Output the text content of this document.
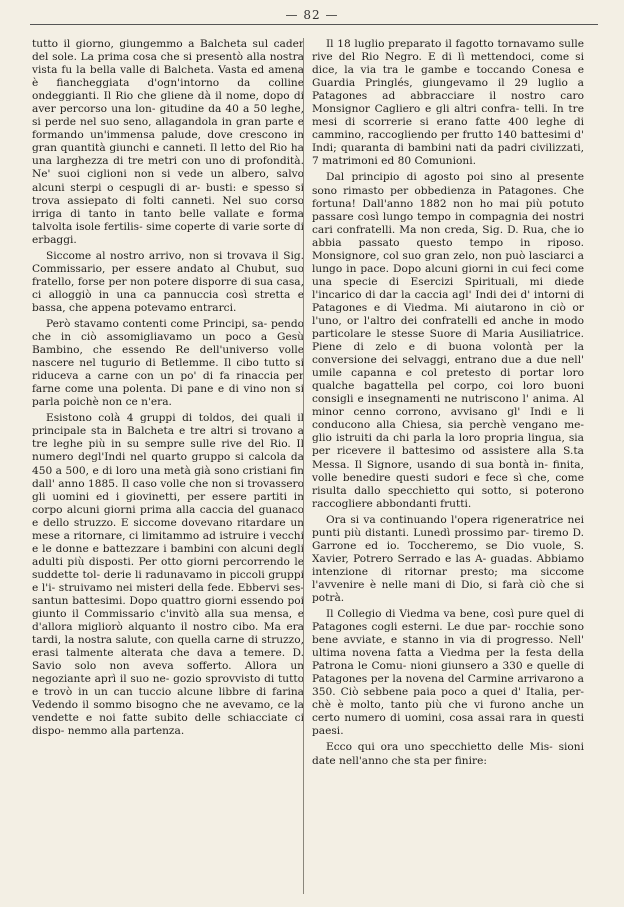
— 82 —

tutto il giorno, giungemmo a Balcheta sul cader del sole. La prima cosa che si presentò alla nostra vista fu la bella valle di Balcheta. Vasta ed amena è fiancheggiata d'ogn'intorno da colline ondeggianti. Il Rio che gliene dà il nome, dopo di aver percorso una lon- gitudine da 40 a 50 leghe, si perde nel suo seno, allagandola in gran parte e formando un'immensa palude, dove crescono in gran quantità giunchi e canneti. Il letto del Rio ha una larghezza di tre metri con uno di profondità. Ne' suoi ciglioni non si vede un albero, salvo alcuni sterpi o cespugli di ar- busti: e spesso si trova assiepato di folti canneti. Nel suo corso irriga di tanto in tanto belle vallate e forma talvolta isole fertilis- sime coperte di varie sorte di erbaggi.

Siccome al nostro arrivo, non si trovava il Sig. Commissario, per essere andato al Chubut, suo fratello, forse per non potere disporre di sua casa, ci alloggiò in una ca pannuccia così stretta e bassa, che appena potevamo entrarci.

Però stavamo contenti come Principi, sa- pendo che in ciò assomigliavamo un poco a Gesù Bambino, che essendo Re dell'universo volle nascere nel tugurio di Betlemme. Il cibo tutto si riduceva a carne con un po' di fa rinaccia per farne come una polenta. Di pane e di vino non si parla poichè non ce n'era.

Esistono colà 4 gruppi di toldos, dei quali il principale sta in Balcheta e tre altri si trovano a tre leghe più in su sempre sulle rive del Rio. Il numero degl'Indi nel quarto gruppo si calcola da 450 a 500, e di loro una metà già sono cristiani fin dall' anno 1885. Il caso volle che non si trovassero gli uomini ed i giovinetti, per essere partiti in corpo alcuni giorni prima alla caccia del guanaco e dello struzzo. E siccome dovevano ritardare un mese a ritornare, ci limitammo ad istruire i vecchi e le donne e battezzare i bambini con alcuni degli adulti più disposti. Per otto giorni percorrendo le suddette tol- derie li radunavamo in piccoli gruppi e l'i- struivamo nei misteri della fede. Ebbervi ses- santun battesimi. Dopo quattro giorni essendo poi giunto il Commissario c'invitò alla sua mensa, e d'allora migliorò alquanto il nostro cibo. Ma era tardi, la nostra salute, con quella carne di struzzo, erasi talmente alterata che dava a temere. D. Savio solo non aveva sofferto. Allora un negoziante aprì il suo ne- gozio sprovvisto di tutto e trovò in un can tuccio alcune libbre di farina Vedendo il sommo bisogno che ne avevamo, ce la vendette e noi fatte subito delle schiacciate ci dispo- nemmo alla partenza.

Il 18 luglio preparato il fagotto tornavamo sulle rive del Rio Negro. E di lì mettendoci, come si dice, la via tra le gambe e toccando Conesa e Guardia Pringlés, giungevamo il 29 luglio a Patagones ad abbracciare il nostro caro Monsignor Cagliero e gli altri confra- telli. In tre mesi di scorrerie si erano fatte 400 leghe di cammino, raccogliendo per frutto 140 battesimi d' Indi; quaranta di bambini nati da padri civilizzati, 7 matrimoni ed 80 Comunioni.

Dal principio di agosto poi sino al presente sono rimasto per obbedienza in Patagones. Che fortuna! Dall'anno 1882 non ho mai più potuto passare così lungo tempo in compagnia dei nostri cari confratelli. Ma non creda, Sig. D. Rua, che io abbia passato questo tempo in riposo. Monsignore, col suo gran zelo, non può lasciarci a lungo in pace. Dopo alcuni giorni in cui feci come una specie di Esercizi Spirituali, mi diede l'incarico di dar la caccia agl' Indi dei d' intorni di Patagones e di Viedma. Mi aiutarono in ciò or l'uno, or l'altro dei confratelli ed anche in modo particolare le stesse Suore di Maria Ausiliatrice. Piene di zelo e di buona volontà per la conversione dei selvaggi, entrano due a due nell' umile capanna e col pretesto di portar loro qualche bagattella pel corpo, coi loro buoni consigli e insegnamenti ne nutriscono l' anima. Al minor cenno corrono, avvisano gl' Indi e li conducono alla Chiesa, sia perchè vengano me- glio istruiti da chi parla la loro propria lingua, sia per ricevere il battesimo od assistere alla S.ta Messa. Il Signore, usando di sua bontà in- finita, volle benedire questi sudori e fece sì che, come risulta dallo specchietto qui sotto, si poterono raccogliere abbondanti frutti.

Ora si va continuando l'opera rigeneratrice nei punti più distanti. Lunedì prossimo par- tiremo D. Garrone ed io. Toccheremo, se Dio vuole, S. Xavier, Potrero Serrado e las A- guadas. Abbiamo intenzione di ritornar presto; ma siccome l'avvenire è nelle mani di Dio, si farà ciò che si potrà.

Il Collegio di Viedma va bene, così pure quel di Patagones cogli esterni. Le due par- rocchie sono bene avviate, e stanno in via di progresso. Nell' ultima novena fatta a Viedma per la festa della Patrona le Comu- nioni giunsero a 330 e quelle di Patagones per la novena del Carmine arrivarono a 350. Ciò sebbene paia poco a quei d' Italia, per- chè è molto, tanto più che vi furono anche un certo numero di uomini, cosa assai rara in questi paesi.

Ecco qui ora uno specchietto delle Mis- sioni date nell'anno che sta per finire:
